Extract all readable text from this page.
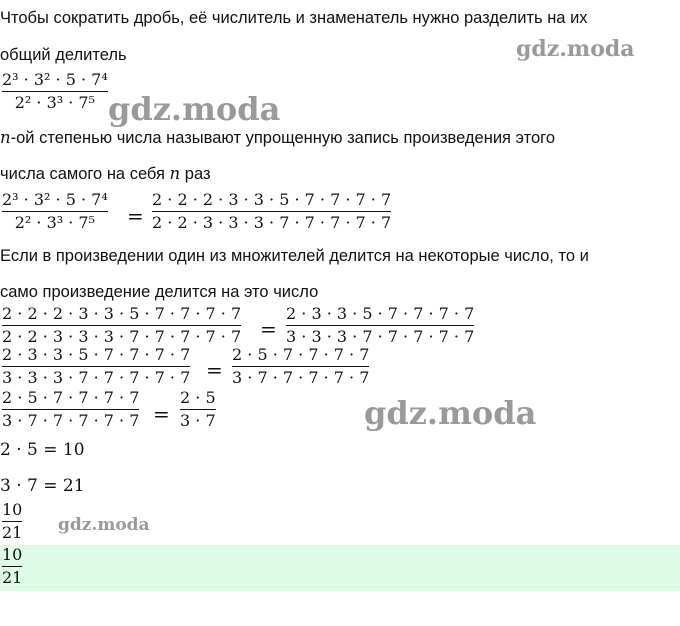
Чтобы сократить дробь, её числитель и знаменатель нужно разделить на их
общий делитель
2³ · 3² · 5 · 7⁴
2² · 3³ · 7⁵
n-ой степенью числа называют упрощенную запись произведения этого
числа самого на себя n раз
2³ · 3² · 5 · 7⁴
2² · 3³ · 7⁵ =
2 · 2 · 2 · 3 · 3 · 5 · 7 · 7 · 7 · 7
2 · 2 · 3 · 3 · 3 · 7 · 7 · 7 · 7 · 7
Если в произведении один из множителей делится на некоторые число, то и
само произведение делится на это число
2 · 2 · 2 · 3 · 3 · 5 · 7 · 7 · 7 · 7
2 · 2 · 3 · 3 · 3 · 7 · 7 · 7 · 7 · 7 =
2 · 3 · 3 · 5 · 7 · 7 · 7 · 7
3 · 3 · 3 · 7 · 7 · 7 · 7 · 7
2 · 3 · 3 · 5 · 7 · 7 · 7 · 7
3 · 3 · 3 · 7 · 7 · 7 · 7 · 7 =
2 · 5 · 7 · 7 · 7 · 7
3 · 7 · 7 · 7 · 7 · 7
2 · 5 · 7 · 7 · 7 · 7
3 · 7 · 7 · 7 · 7 · 7 =
2 · 5
3 · 7
2 · 5 = 10
3 · 7 = 21
10
21
10
21
gdz.moda
gdz.moda
gdz.moda
gdz.moda
